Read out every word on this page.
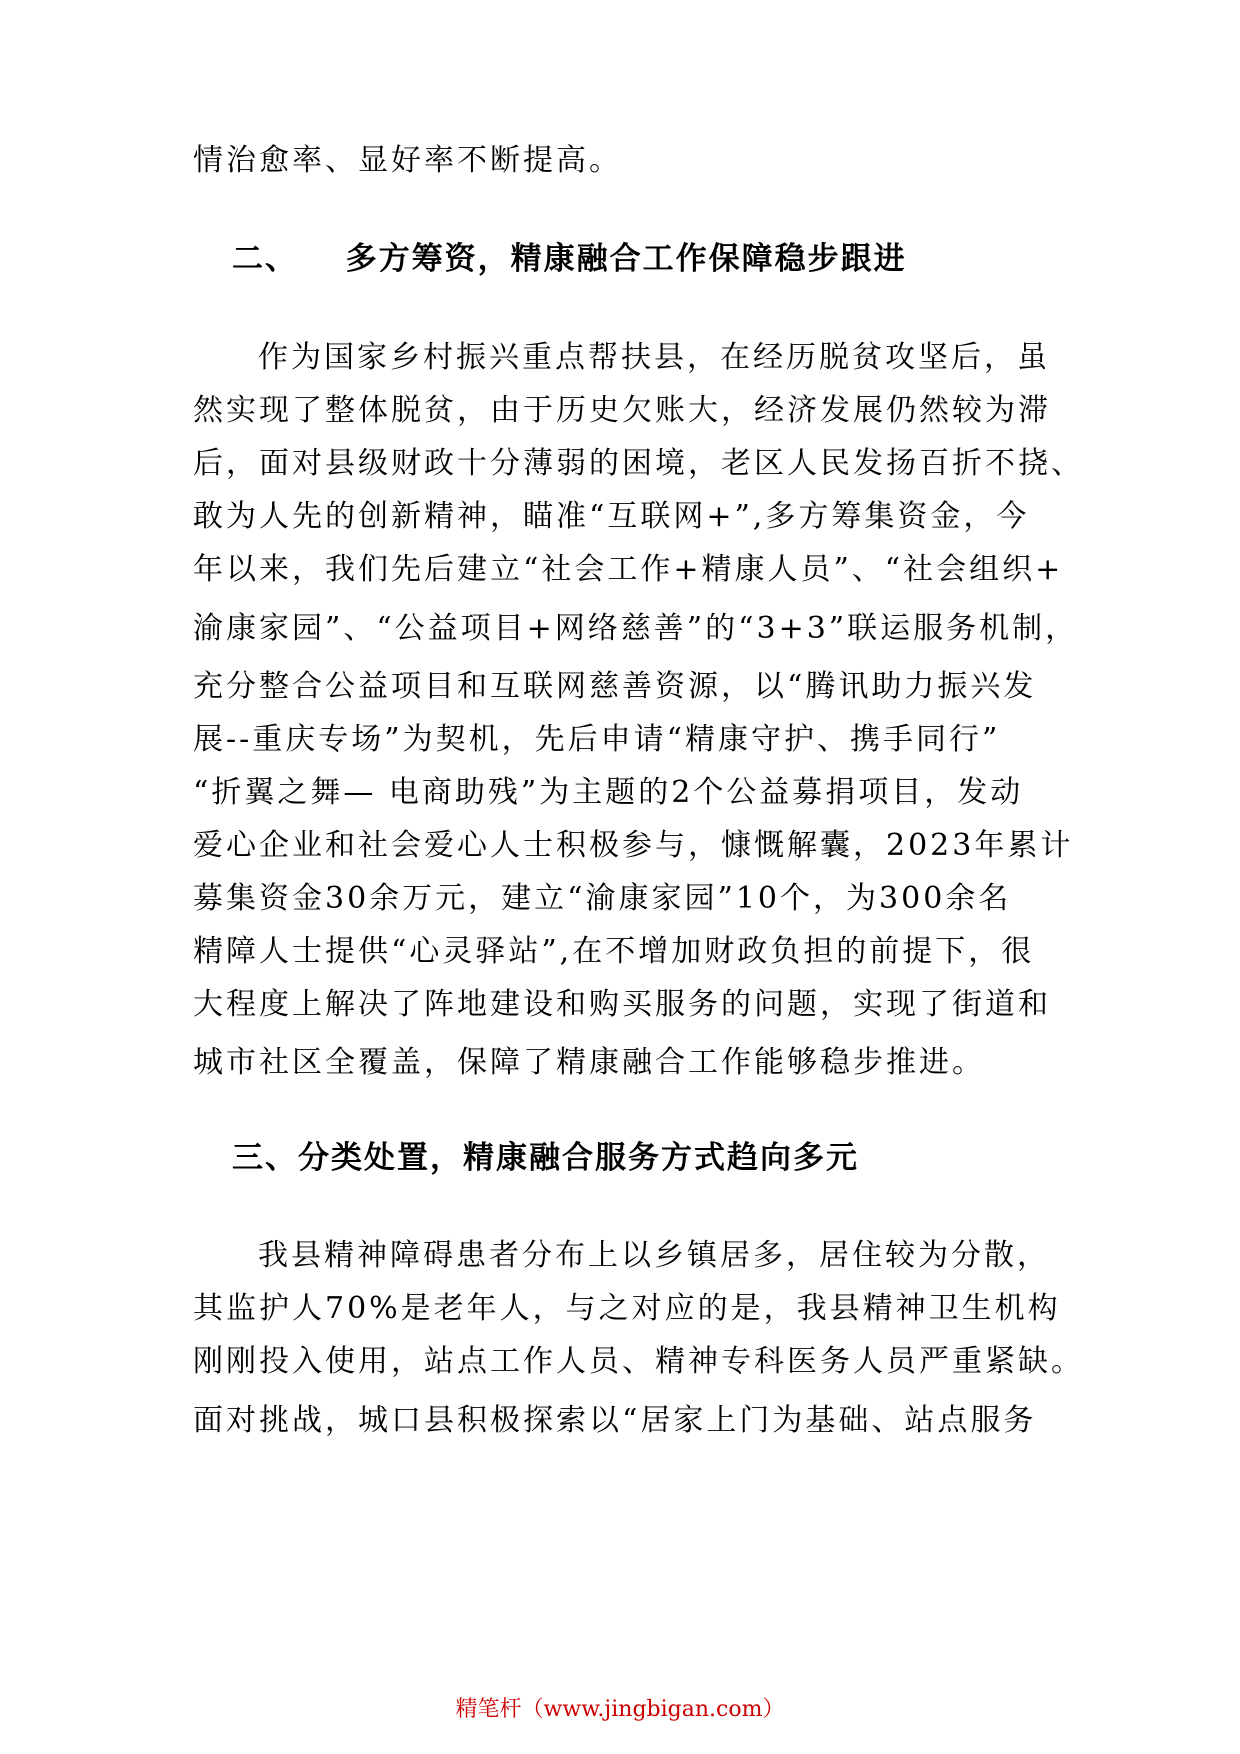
情治愈率、显好率不断提高。

二、 多方筹资，精康融合工作保障稳步跟进

作为国家乡村振兴重点帮扶县，在经历脱贫攻坚后，虽

然实现了整体脱贫，由于历史欠账大，经济发展仍然较为滞

后，面对县级财政十分薄弱的困境，老区人民发扬百折不挠、

敢为人先的创新精神，瞄准“互联网+”,多方筹集资金，今

年以来，我们先后建立“社会工作+精康人员”、“社会组织+

渝康家园”、“公益项目+网络慈善”的“3+3”联运服务机制，

充分整合公益项目和互联网慈善资源，以“腾讯助力振兴发

展--重庆专场”为契机，先后申请“精康守护、携手同行”

“折翼之舞— 电商助残”为主题的2个公益募捐项目，发动

爱心企业和社会爱心人士积极参与，慷慨解囊，2023年累计

募集资金30余万元，建立“渝康家园”10个，为300余名

精障人士提供“心灵驿站”,在不增加财政负担的前提下，很

大程度上解决了阵地建设和购买服务的问题，实现了街道和

城市社区全覆盖，保障了精康融合工作能够稳步推进。

三、分类处置，精康融合服务方式趋向多元

我县精神障碍患者分布上以乡镇居多，居住较为分散，

其监护人70%是老年人，与之对应的是，我县精神卫生机构

刚刚投入使用，站点工作人员、精神专科医务人员严重紧缺。

面对挑战，城口县积极探索以“居家上门为基础、站点服务

精笔杆（www.jingbigan.com）
